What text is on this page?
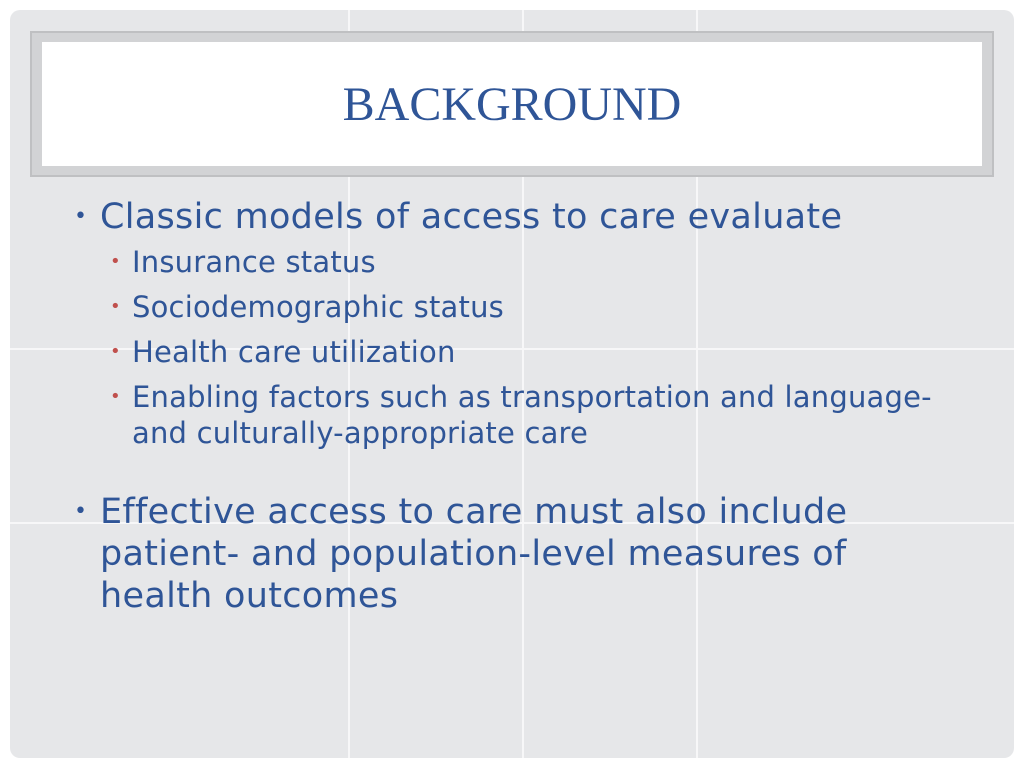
BACKGROUND
• Classic models of access to care evaluate
• Insurance status
• Sociodemographic status
• Health care utilization
• Enabling factors such as transportation and language- and culturally-appropriate care
• Effective access to care must also include patient- and population-level measures of health outcomes
